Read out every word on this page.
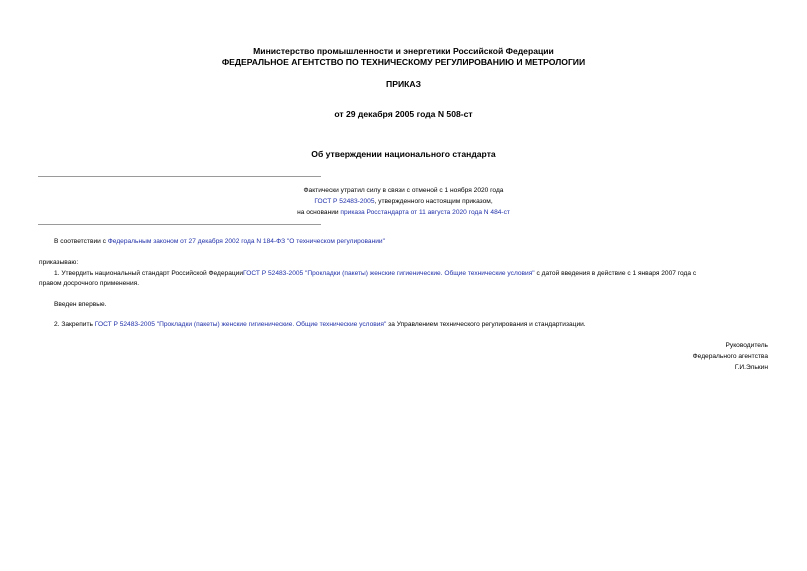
Министерство промышленности и энергетики Российской Федерации
ФЕДЕРАЛЬНОЕ АГЕНТСТВО ПО ТЕХНИЧЕСКОМУ РЕГУЛИРОВАНИЮ И МЕТРОЛОГИИ
ПРИКАЗ
от 29 декабря 2005 года N 508-ст
Об утверждении национального стандарта
Фактически утратил силу в связи с отменой с 1 ноября 2020 года
ГОСТ Р 52483-2005, утвержденного настоящим приказом,
на основании приказа Росстандарта от 11 августа 2020 года N 484-ст
В соответствии с Федеральным законом от 27 декабря 2002 года N 184-ФЗ "О техническом регулировании"
приказываю:
1. Утвердить национальный стандарт Российской ФедерацииГОСТ Р 52483-2005 "Прокладки (пакеты) женские гигиенические. Общие технические условия" с датой введения в действие с 1 января 2007 года с
правом досрочного применения.
Введен впервые.
2. Закрепить ГОСТ Р 52483-2005 "Прокладки (пакеты) женские гигиенические. Общие технические условия" за Управлением технического регулирования и стандартизации.
Руководитель
Федерального агентства
Г.И.Элькин
